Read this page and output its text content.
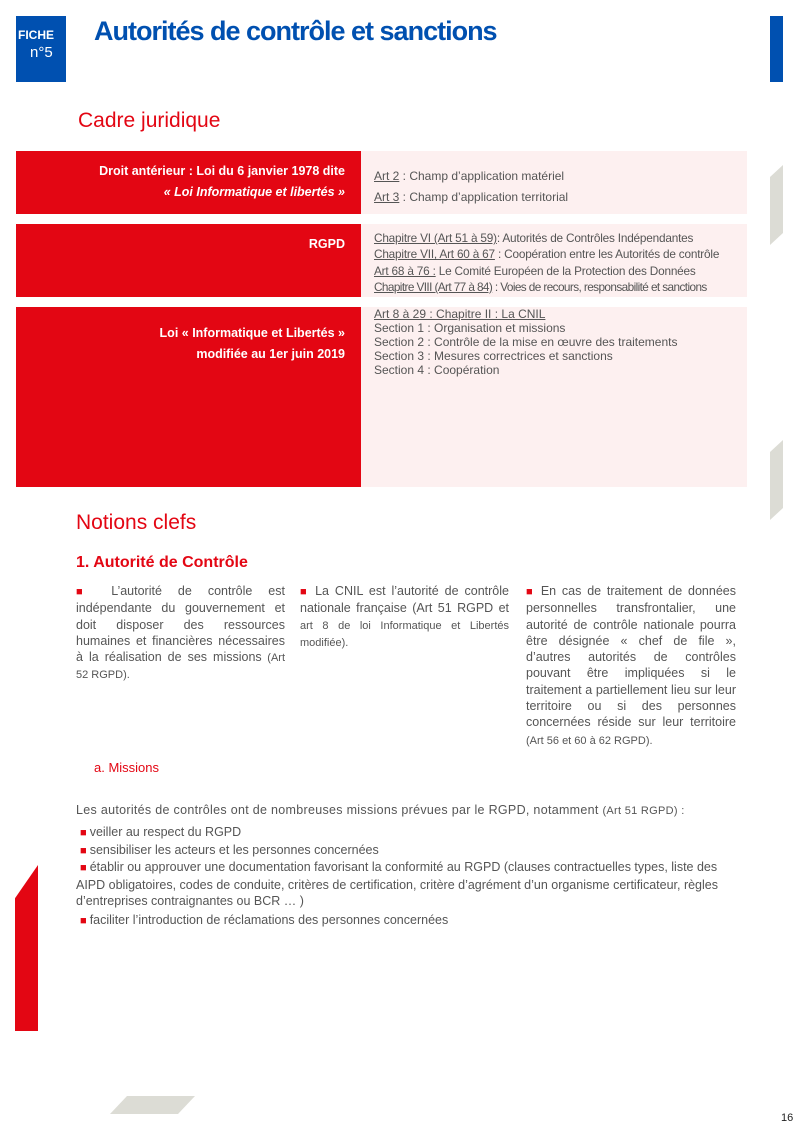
FICHE
n°5
Autorités de contrôle et sanctions
Cadre juridique
Droit antérieur : Loi du 6 janvier 1978 dite
« Loi Informatique et libertés »
Art 2 : Champ d’application matériel
Art 3 : Champ d’application territorial
RGPD Chapitre VI (Art 51 à 59): Autorités de Contrôles Indépendantes
Chapitre VII, Art 60 à 67 : Coopération entre les Autorités de contrôle
Art 68 à 76 : Le Comité Européen de la Protection des Données
Chapitre VIII (Art 77 à 84) : Voies de recours, responsabilité et sanctions
Loi « Informatique et Libertés »
modifiée au 1er juin 2019
Art 8 à 29 : Chapitre II : La CNIL
Section 1 : Organisation et missions
Section 2 : Contrôle de la mise en œuvre des traitements
Section 3 : Mesures correctrices et sanctions
Section 4 : Coopération
Notions clefs
1. Autorité de Contrôle
■ L’autorité de contrôle est indépendante du gouvernement et doit disposer des ressources humaines et financières nécessaires à la réalisation de ses missions (Art 52 RGPD).
■ La CNIL est l’autorité de contrôle nationale française (Art 51 RGPD et art 8 de loi Informatique et Libertés modifiée).
■ En cas de traitement de données personnelles transfrontalier, une autorité de contrôle nationale pourra être désignée « chef de file », d’autres autorités de contrôles pouvant être impliquées si le traitement a partiellement lieu sur leur territoire ou si des personnes concernées réside sur leur territoire (Art 56 et 60 à 62 RGPD).
a. Missions
Les autorités de contrôles ont de nombreuses missions prévues par le RGPD, notamment (Art 51 RGPD) :
■ veiller au respect du RGPD
■ sensibiliser les acteurs et les personnes concernées
■ établir ou approuver une documentation favorisant la conformité au RGPD (clauses contractuelles types, liste des AIPD obligatoires, codes de conduite, critères de certification, critère d’agrément d’un organisme certificateur, règles d’entreprises contraignantes ou BCR … )
■ faciliter l’introduction de réclamations des personnes concernées
16
